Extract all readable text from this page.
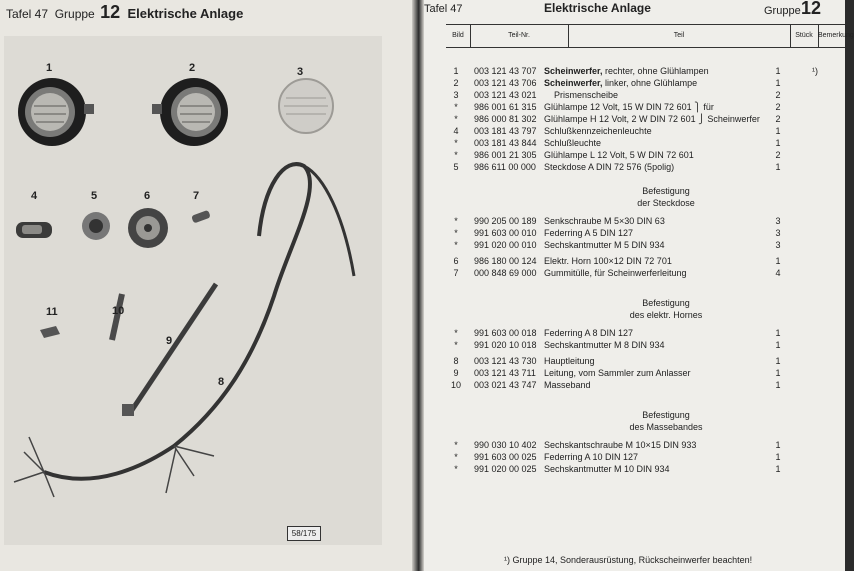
Tafel 47 Gruppe 12 Elektrische Anlage
1	2	3
4	5	6	7
8
9
10
11
58/175
Tafel 47	Elektrische Anlage	Gruppe 12
Bild	Teil-Nr.	Teil	Stück Bemerkung
1	003 121 43 707 Scheinwerfer, rechter, ohne Glühlampen	1	¹)
2	003 121 43 706 Scheinwerfer, linker, ohne Glühlampe	1
3	003 121 43 021 Prismenscheibe	2
*	986 001 61 315 Glühlampe 12 Volt, 15 W DIN 72 601 ⎫ für	2
*	986 000 81 302 Glühlampe H 12 Volt, 2 W DIN 72 601 ⎭ Scheinwerfer	2
4	003 181 43 797 Schlußkennzeichenleuchte	1
*	003 181 43 844 Schlußleuchte	1
*	986 001 21 305 Glühlampe L 12 Volt, 5 W DIN 72 601	2
5	986 611 00 000 Steckdose A DIN 72 576 (5polig)	1
Befestigung
der Steckdose
*	990 205 00 189 Senkschraube M 5×30 DIN 63	3
*	991 603 00 010 Federring A 5 DIN 127	3
*	991 020 00 010 Sechskantmutter M 5 DIN 934	3
6	986 180 00 124 Elektr. Horn 100×12 DIN 72 701	1
7	000 848 69 000 Gummitülle, für Scheinwerferleitung	4
Befestigung
des elektr. Hornes
*	991 603 00 018 Federring A 8 DIN 127	1
*	991 020 10 018 Sechskantmutter M 8 DIN 934	1
8	003 121 43 730 Hauptleitung	1
9	003 121 43 711 Leitung, vom Sammler zum Anlasser	1
10	003 021 43 747 Masseband	1
Befestigung
des Massebandes
*	990 030 10 402 Sechskantschraube M 10×15 DIN 933	1
*	991 603 00 025 Federring A 10 DIN 127	1
*	991 020 00 025 Sechskantmutter M 10 DIN 934	1
¹) Gruppe 14, Sonderausrüstung, Rückscheinwerfer beachten!
